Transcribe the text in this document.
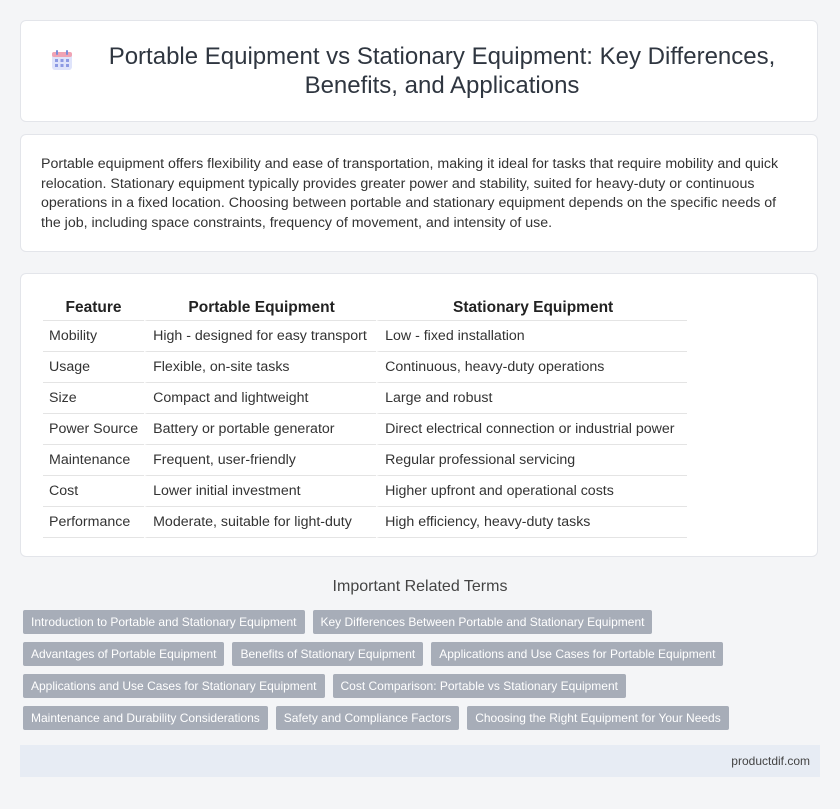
Portable Equipment vs Stationary Equipment: Key Differences, Benefits, and Applications

Portable equipment offers flexibility and ease of transportation, making it ideal for tasks that require mobility and quick relocation. Stationary equipment typically provides greater power and stability, suited for heavy-duty or continuous operations in a fixed location. Choosing between portable and stationary equipment depends on the specific needs of the job, including space constraints, frequency of movement, and intensity of use.

Feature	Portable Equipment	Stationary Equipment
Mobility	High - designed for easy transport	Low - fixed installation
Usage	Flexible, on-site tasks	Continuous, heavy-duty operations
Size	Compact and lightweight	Large and robust
Power Source	Battery or portable generator	Direct electrical connection or industrial power
Maintenance	Frequent, user-friendly	Regular professional servicing
Cost	Lower initial investment	Higher upfront and operational costs
Performance	Moderate, suitable for light-duty	High efficiency, heavy-duty tasks
Important Related Terms
Introduction to Portable and Stationary Equipment	Key Differences Between Portable and Stationary Equipment
Advantages of Portable Equipment	Benefits of Stationary Equipment	Applications and Use Cases for Portable Equipment
Applications and Use Cases for Stationary Equipment	Cost Comparison: Portable vs Stationary Equipment
Maintenance and Durability Considerations	Safety and Compliance Factors	Choosing the Right Equipment for Your Needs
productdif.com
